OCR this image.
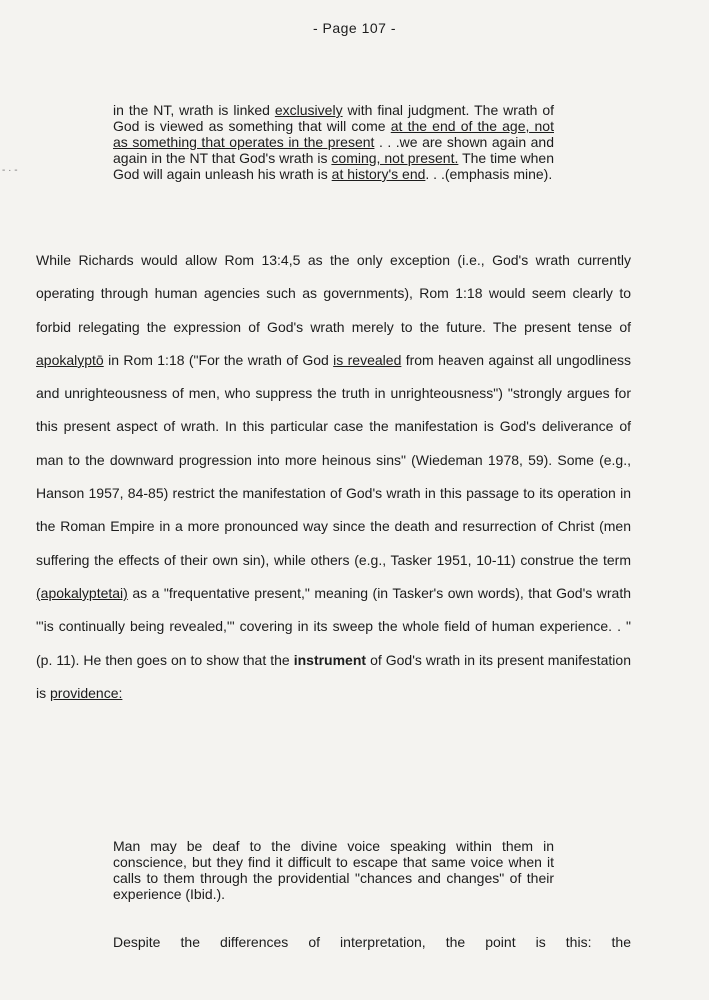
- Page 107 -
- · -
in the NT, wrath is linked exclusively with final judgment. The wrath of God is viewed as something that will come at the end of the age, not as something that operates in the present . . .we are shown again and again in the NT that God's wrath is coming, not present. The time when God will again unleash his wrath is at history's end. . .(emphasis mine).
While Richards would allow Rom 13:4,5 as the only exception (i.e., God's wrath currently operating through human agencies such as governments), Rom 1:18 would seem clearly to forbid relegating the expression of God's wrath merely to the future. The present tense of apokalyptō in Rom 1:18 ("For the wrath of God is revealed from heaven against all ungodliness and unrighteousness of men, who suppress the truth in unrighteousness") "strongly argues for this present aspect of wrath. In this particular case the manifestation is God's deliverance of man to the downward progression into more heinous sins" (Wiedeman 1978, 59). Some (e.g., Hanson 1957, 84-85) restrict the manifestation of God's wrath in this passage to its operation in the Roman Empire in a more pronounced way since the death and resurrection of Christ (men suffering the effects of their own sin), while others (e.g., Tasker 1951, 10-11) construe the term (apokalyptetai) as a "frequentative present," meaning (in Tasker's own words), that God's wrath "'is continually being revealed,'" covering in its sweep the whole field of human experience. . " (p. 11). He then goes on to show that the instrument of God's wrath in its present manifestation is providence:
Man may be deaf to the divine voice speaking within them in conscience, but they find it difficult to escape that same voice when it calls to them through the providential "chances and changes" of their experience (Ibid.).
Despite the differences of interpretation, the point is this: the
